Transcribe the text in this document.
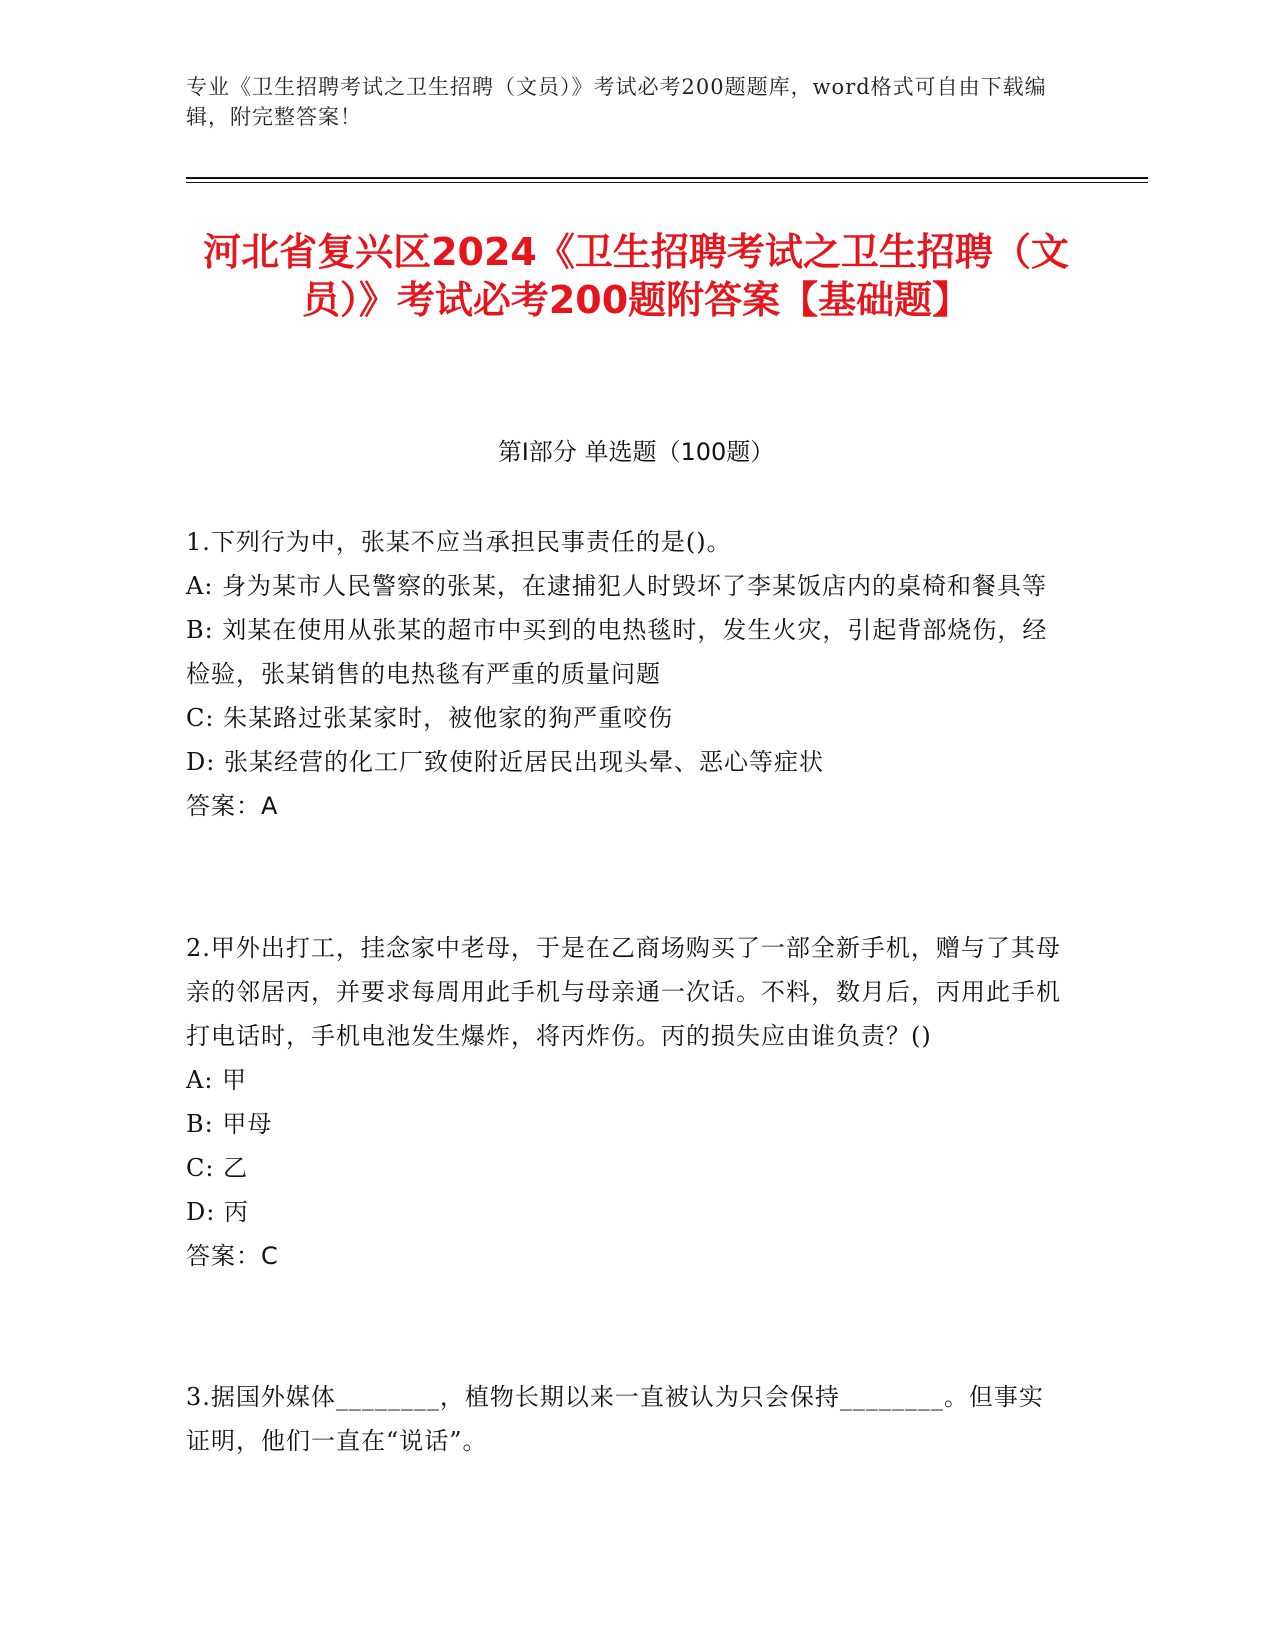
专业《卫生招聘考试之卫生招聘（文员）》考试必考200题题库，word格式可自由下载编辑，附完整答案！
河北省复兴区2024《卫生招聘考试之卫生招聘（文员）》考试必考200题附答案【基础题】
第Ⅰ部分 单选题（100题）

1.下列行为中，张某不应当承担民事责任的是()。

A: 身为某市人民警察的张某，在逮捕犯人时毁坏了李某饭店内的桌椅和餐具等

B: 刘某在使用从张某的超市中买到的电热毯时，发生火灾，引起背部烧伤，经检验，张某销售的电热毯有严重的质量问题

C: 朱某路过张某家时，被他家的狗严重咬伤

D: 张某经营的化工厂致使附近居民出现头晕、恶心等症状

答案：A

2.甲外出打工，挂念家中老母，于是在乙商场购买了一部全新手机，赠与了其母亲的邻居丙，并要求每周用此手机与母亲通一次话。不料，数月后，丙用此手机打电话时，手机电池发生爆炸，将丙炸伤。丙的损失应由谁负责？()

A: 甲

B: 甲母

C: 乙

D: 丙

答案：C

3.据国外媒体________，植物长期以来一直被认为只会保持________。但事实证明，他们一直在“说话”。
